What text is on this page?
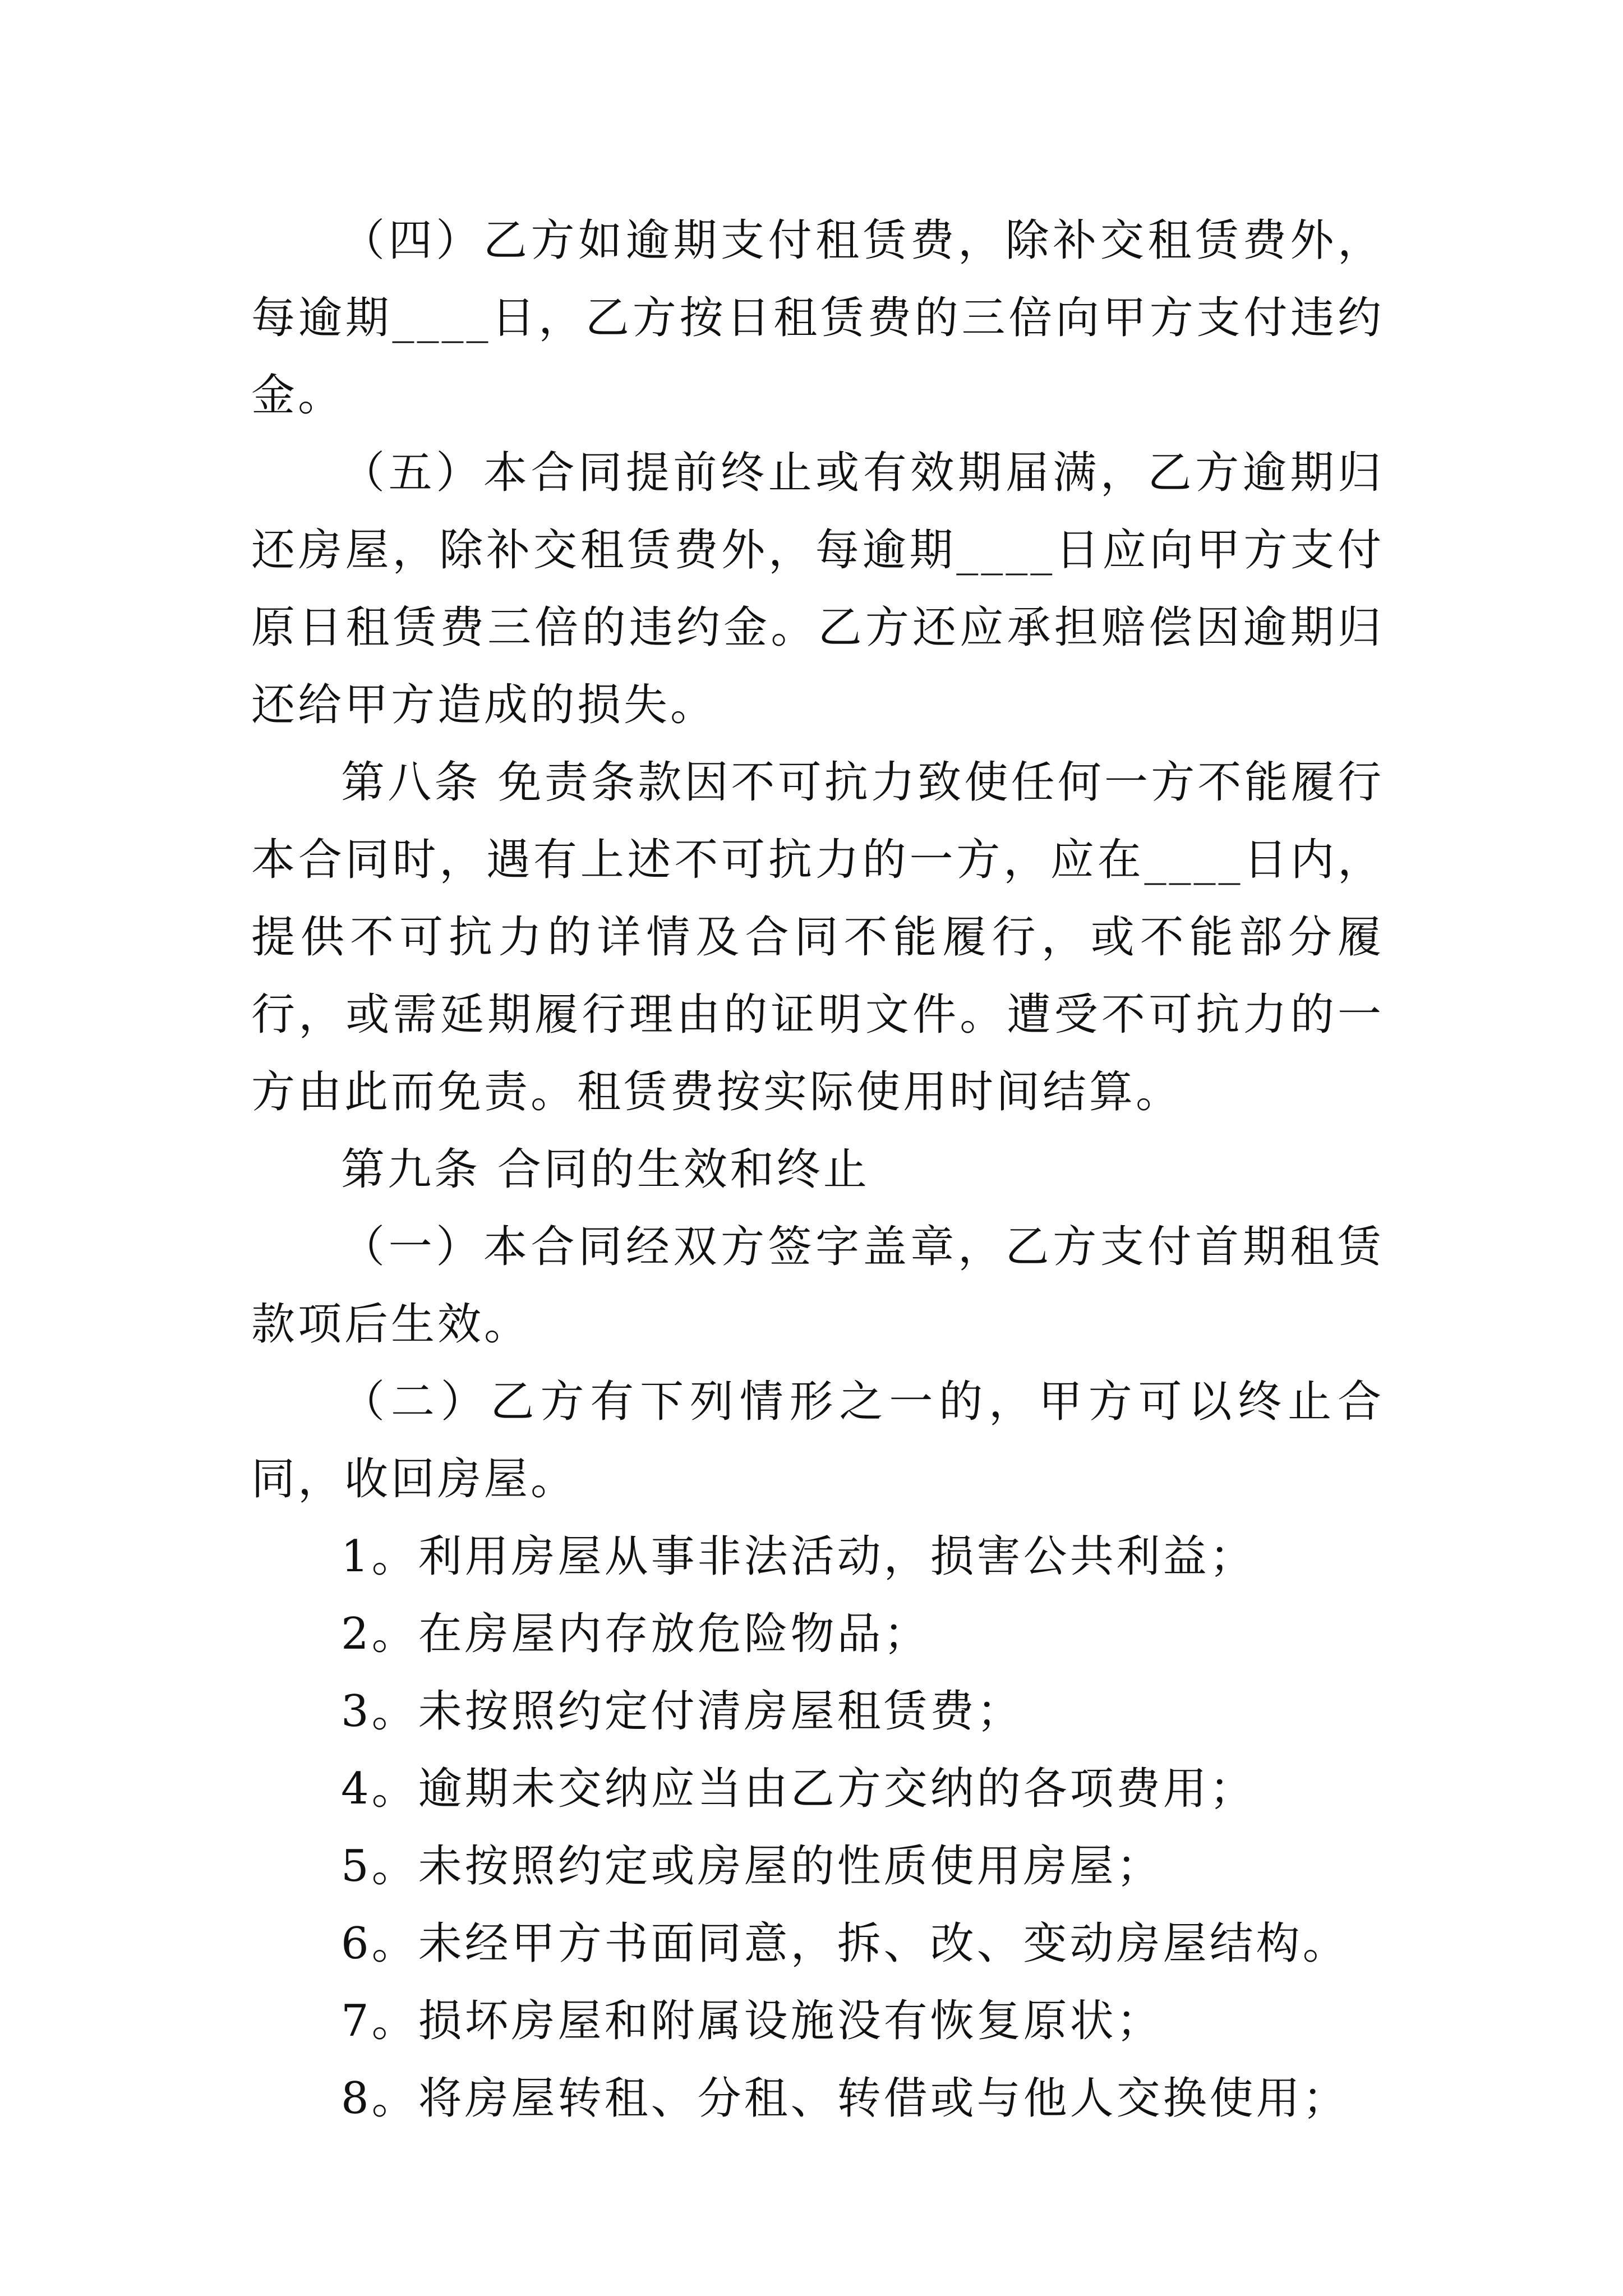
（四）乙方如逾期支付租赁费，除补交租赁费外，每逾期____日，乙方按日租赁费的三倍向甲方支付违约金。

（五）本合同提前终止或有效期届满，乙方逾期归还房屋，除补交租赁费外，每逾期____日应向甲方支付原日租赁费三倍的违约金。乙方还应承担赔偿因逾期归还给甲方造成的损失。

第八条 免责条款因不可抗力致使任何一方不能履行本合同时，遇有上述不可抗力的一方，应在____日内，提供不可抗力的详情及合同不能履行，或不能部分履行，或需延期履行理由的证明文件。遭受不可抗力的一方由此而免责。租赁费按实际使用时间结算。

第九条 合同的生效和终止

（一）本合同经双方签字盖章，乙方支付首期租赁款项后生效。

（二）乙方有下列情形之一的，甲方可以终止合同，收回房屋。

1。利用房屋从事非法活动，损害公共利益；

2。在房屋内存放危险物品；

3。未按照约定付清房屋租赁费；

4。逾期未交纳应当由乙方交纳的各项费用；

5。未按照约定或房屋的性质使用房屋；

6。未经甲方书面同意，拆、改、变动房屋结构。

7。损坏房屋和附属设施没有恢复原状；

8。将房屋转租、分租、转借或与他人交换使用；
